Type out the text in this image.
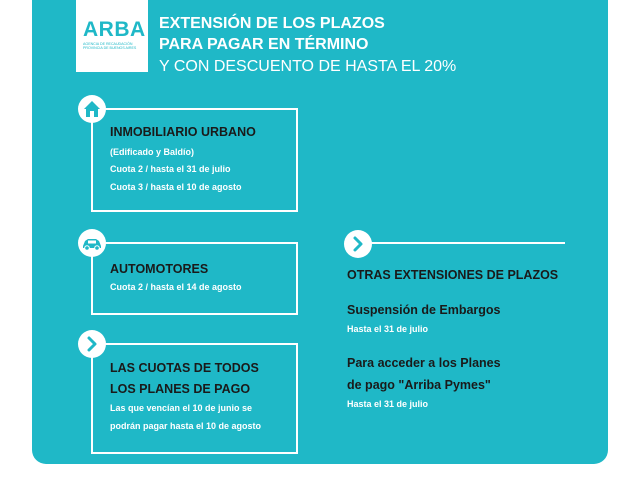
ARBA
AGENCIA DE RECAUDACIÓN PROVINCIA DE BUENOS AIRES
EXTENSIÓN DE LOS PLAZOS
PARA PAGAR EN TÉRMINO
Y CON DESCUENTO DE HASTA EL 20%
INMOBILIARIO URBANO
(Edificado y Baldío)
Cuota 2 / hasta el 31 de julio
Cuota 3 / hasta el 10 de agosto
AUTOMOTORES
Cuota 2 / hasta el 14 de agosto
LAS CUOTAS DE TODOS
LOS PLANES DE PAGO
Las que vencían el 10 de junio se
podrán pagar hasta el 10 de agosto
OTRAS EXTENSIONES DE PLAZOS
Suspensión de Embargos
Hasta el 31 de julio
Para acceder a los Planes
de pago "Arriba Pymes"
Hasta el 31 de julio
